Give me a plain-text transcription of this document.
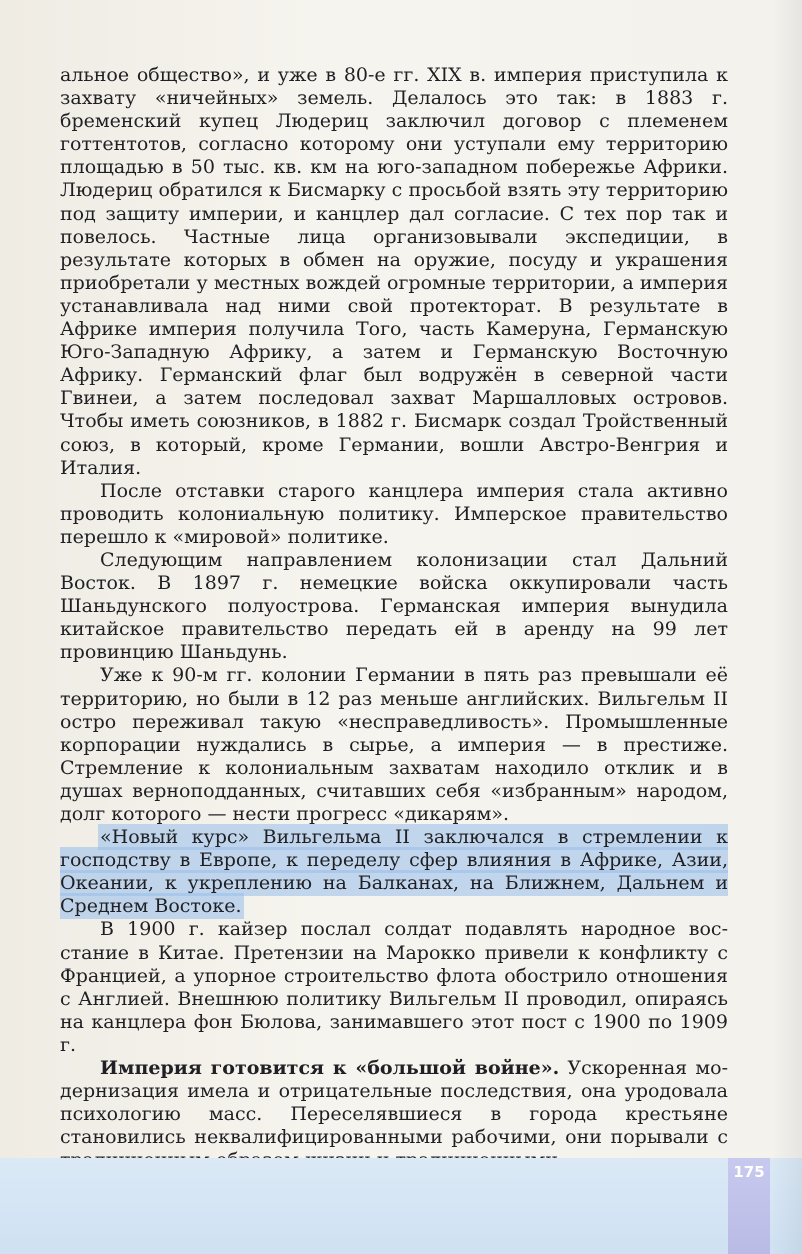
альное общество», и уже в 80-е гг. XIX в. империя приступила к захвату «ничейных» земель. Делалось это так: в 1883 г. бременский купец Людериц заключил договор с племенем готтентотов, согласно которому они уступали ему территорию площадью в 50 тыс. кв. км на юго-западном побережье Африки. Людериц обратился к Бисмарку с просьбой взять эту территорию под защиту империи, и канцлер дал согласие. С тех пор так и повелось. Частные лица организовывали экспедиции, в результате которых в обмен на оружие, посуду и украшения приобретали у местных вождей огромные территории, а империя устанавливала над ними свой протекторат. В результате в Африке империя получила Того, часть Камеруна, Германскую Юго-Западную Африку, а затем и Германскую Восточную Африку. Германский флаг был водружён в северной части Гвинеи, а затем последовал захват Маршалловых островов. Чтобы иметь союзников, в 1882 г. Бисмарк создал Тройственный союз, в который, кроме Германии, вошли Австро-Венгрия и Италия.

После отставки старого канцлера империя стала активно проводить колониальную политику. Имперское правительство перешло к «мировой» политике.

Следующим направлением колонизации стал Дальний Восток. В 1897 г. немецкие войска оккупировали часть Шаньдунского полуострова. Германская империя вынудила китайское правительство передать ей в аренду на 99 лет провинцию Шаньдунь.

Уже к 90-м гг. колонии Германии в пять раз превышали её территорию, но были в 12 раз меньше английских. Вильгельм II остро переживал такую «несправедливость». Промышленные корпорации нуждались в сырье, а империя — в престиже. Стремление к колониальным захватам находило отклик и в душах верноподданных, считавших себя «избранным» народом, долг которого — нести прогресс «дикарям».

«Новый курс» Вильгельма II заключался в стремлении к господству в Европе, к переделу сфер влияния в Африке, Азии, Океании, к укреплению на Балканах, на Ближнем, Дальнем и Среднем Востоке.

В 1900 г. кайзер послал солдат подавлять народное восстание в Китае. Претензии на Марокко привели к конфликту с Францией, а упорное строительство флота обострило отношения с Англией. Внешнюю политику Вильгельм II проводил, опираясь на канцлера фон Бюлова, занимавшего этот пост с 1900 по 1909 г.

Империя готовится к «большой войне». Ускоренная модернизация имела и отрицательные последствия, она уродовала психологию масс. Переселявшиеся в города крестьяне становились неквалифицированными рабочими, они порывали с

175
